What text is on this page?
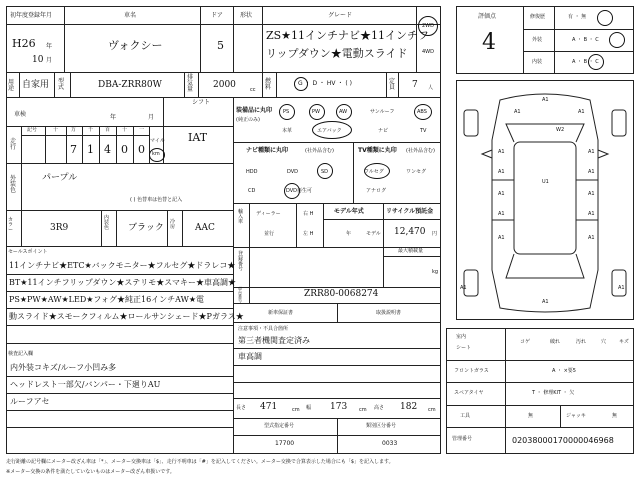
初年度登録年月	車名	ドア	形状	グレード
H26 年
10 月
ヴォクシー	5
ZS★11インチナビ★11インチフ
リップダウン★電動スライド
2WD
4WD
用途 自家用 型式	DBA-ZRR80W
排気量 2000	cc
燃料
G ・ D ・ HV ・ ( )	定員 7 人
車検	年	月
シフト
IAT
走行
記号	十	万 千 百 十 一
7 1 4 0 0
マイル
km
外装色
パープル
( ) 色替車は色替と記入
カラー	3R9
内装色	ブラック
冷房	AAC
セールスポイント
11インチナビ★ETC★バックモニター★フルセグ★ドラレコ★
BT★11インチフリップダウン★ステリモ★スマキー★車高調★
PS★PW★AW★LED★フォグ★純正16インチAW★電
動スライド★スモークフィルム★ロールサンシェード★Pガラス★
検査記入欄
内外装コキズ/ルーフ小凹み多
ヘッドレスト一部欠/バンパー・下廻りAU
ルーフアセ
装備品に丸印
(純正のみ)
PS	PW	AW	サンルーフ	ABS
本革	エアバック	ナビ	TV
ナビ種類に丸印	(社外品含む)
HDD	DVD	SD
CD	DVD再生可
TV種類に丸印 (社外品含む)
フルセグ	ワンセグ
アナログ
輸入車
ディーラー
並行
右 H
左 H
モデル年式
年	モデル
リサイクル預託金
12,470 円
登録番号
最大積載量
kg
車台番号
ZRR80-0068274
新車保証書	取扱説明書
注意事項・不具合箇所
第三者機関査定済み
車高調
長さ 471	cm 幅 173 cm 高さ 182 cm
型式指定番号	類別区分番号
17700	0033
評価点
4
修復歴	有 ・ 無
外装	A ・ B ・ C
内装	A ・ B ・ C
A1
A1	A1
W2
A1	A1
A1	A1
U1
A1	A1
A1	A1
A1	A1
A1	A1
A1
室内
シート
コゲ	破れ	汚れ	穴	キズ
フロントガラス	A ・ ×要5
スペアタイヤ	T ・ 修理KIT ・ 欠
工具	無	ジャッキ	無
管理番号	02038000170000046968
走行距離の記号欄にメーター改ざん車は「*」、メーター交換車は「$」、走行不明車は「#」を記入してください。メーター交換で合算表示した場合にも「$」を記入します。
※メーター交換の条件を満たしていないものはメーター改ざん車扱いです。
